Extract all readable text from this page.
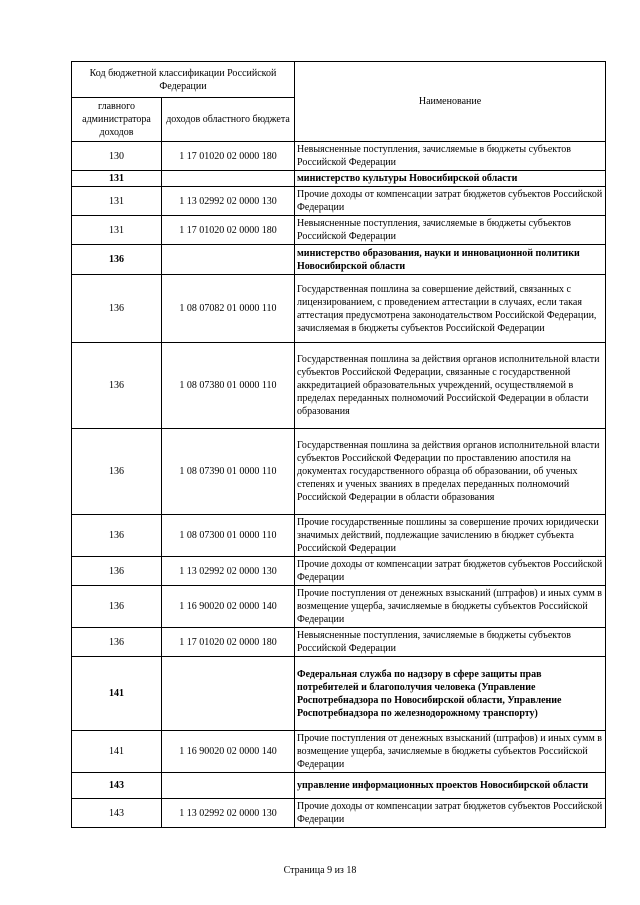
Код бюджетной классификации Российской Федерации		Наименование
главного администратора доходов	доходов областного бюджета	
130	1 17 01020 02 0000 180	Невыясненные поступления, зачисляемые в бюджеты субъектов Российской Федерации
131		министерство культуры Новосибирской области
131	1 13 02992 02 0000 130	Прочие доходы от компенсации затрат бюджетов субъектов Российской Федерации
131	1 17 01020 02 0000 180	Невыясненные поступления, зачисляемые в бюджеты субъектов Российской Федерации
136		министерство образования, науки и инновационной политики Новосибирской области
136	1 08 07082 01 0000 110	Государственная пошлина за совершение действий, связанных с лицензированием, с проведением аттестации в случаях, если такая аттестация предусмотрена законодательством Российской Федерации, зачисляемая в бюджеты субъектов Российской Федерации
136	1 08 07380 01 0000 110	Государственная пошлина за действия органов исполнительной власти субъектов Российской Федерации, связанные с государственной аккредитацией образовательных учреждений, осуществляемой в пределах переданных полномочий Российской Федерации в области образования
136	1 08 07390 01 0000 110	Государственная пошлина за действия органов исполнительной власти субъектов Российской Федерации по проставлению апостиля на документах государственного образца об образовании, об ученых степенях и ученых званиях в пределах переданных полномочий Российской Федерации в области образования
136	1 08 07300 01 0000 110	Прочие государственные пошлины за совершение прочих юридически значимых действий, подлежащие зачислению в бюджет субъекта Российской Федерации
136	1 13 02992 02 0000 130	Прочие доходы от компенсации затрат бюджетов субъектов Российской Федерации
136	1 16 90020 02 0000 140	Прочие поступления от денежных взысканий (штрафов) и иных сумм в возмещение ущерба, зачисляемые в бюджеты субъектов Российской Федерации
136	1 17 01020 02 0000 180	Невыясненные поступления, зачисляемые в бюджеты субъектов Российской Федерации
141		Федеральная служба по надзору в сфере защиты прав потребителей и благополучия человека (Управление Роспотребнадзора по Новосибирской области, Управление Роспотребнадзора по железнодорожному транспорту)
141	1 16 90020 02 0000 140	Прочие поступления от денежных взысканий (штрафов) и иных сумм в возмещение ущерба, зачисляемые в бюджеты субъектов Российской Федерации
143		управление информационных проектов Новосибирской области
143	1 13 02992 02 0000 130	Прочие доходы от компенсации затрат бюджетов субъектов Российской Федерации
Страница 9 из 18
